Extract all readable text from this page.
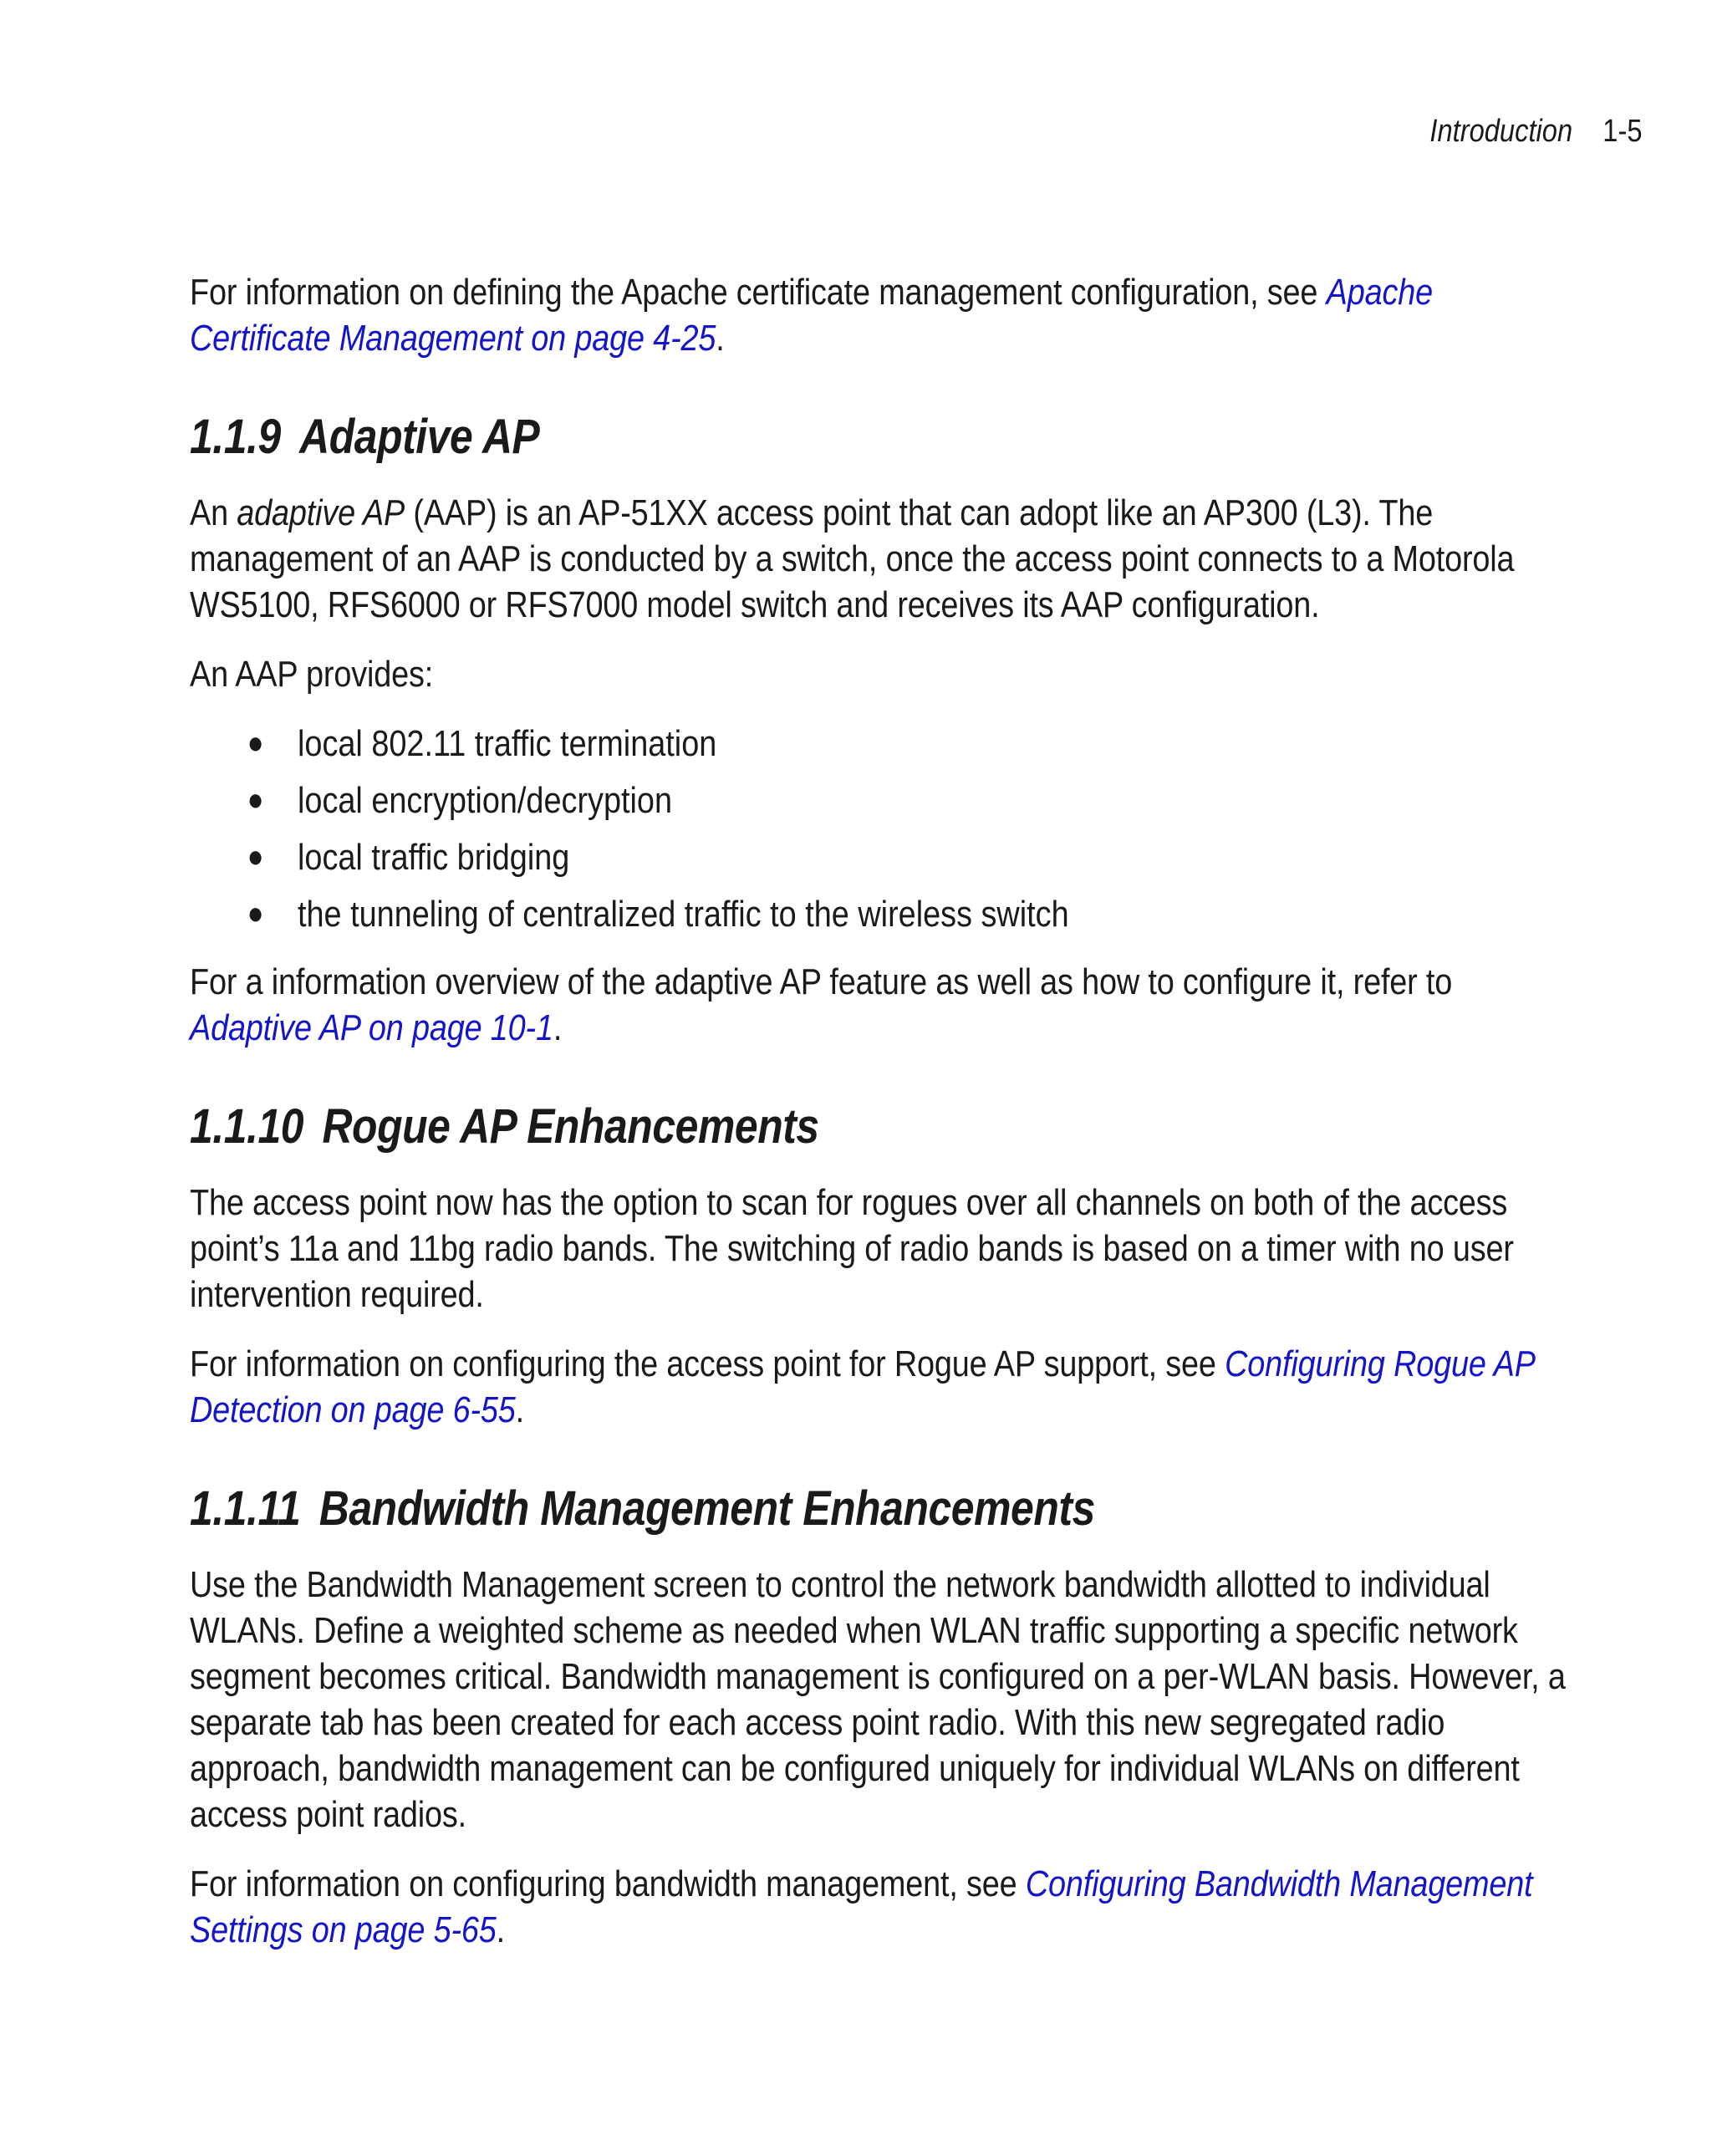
Introduction 1-5

For information on defining the Apache certificate management configuration, see Apache Certificate Management on page 4-25.

1.1.9 Adaptive AP

An adaptive AP (AAP) is an AP-51XX access point that can adopt like an AP300 (L3). The management of an AAP is conducted by a switch, once the access point connects to a Motorola WS5100, RFS6000 or RFS7000 model switch and receives its AAP configuration.

An AAP provides:

● local 802.11 traffic termination
● local encryption/decryption
● local traffic bridging
● the tunneling of centralized traffic to the wireless switch

For a information overview of the adaptive AP feature as well as how to configure it, refer to Adaptive AP on page 10-1.

1.1.10 Rogue AP Enhancements

The access point now has the option to scan for rogues over all channels on both of the access point’s 11a and 11bg radio bands. The switching of radio bands is based on a timer with no user intervention required.

For information on configuring the access point for Rogue AP support, see Configuring Rogue AP Detection on page 6-55.

1.1.11 Bandwidth Management Enhancements

Use the Bandwidth Management screen to control the network bandwidth allotted to individual WLANs. Define a weighted scheme as needed when WLAN traffic supporting a specific network segment becomes critical. Bandwidth management is configured on a per-WLAN basis. However, a separate tab has been created for each access point radio. With this new segregated radio approach, bandwidth management can be configured uniquely for individual WLANs on different access point radios.

For information on configuring bandwidth management, see Configuring Bandwidth Management Settings on page 5-65.
